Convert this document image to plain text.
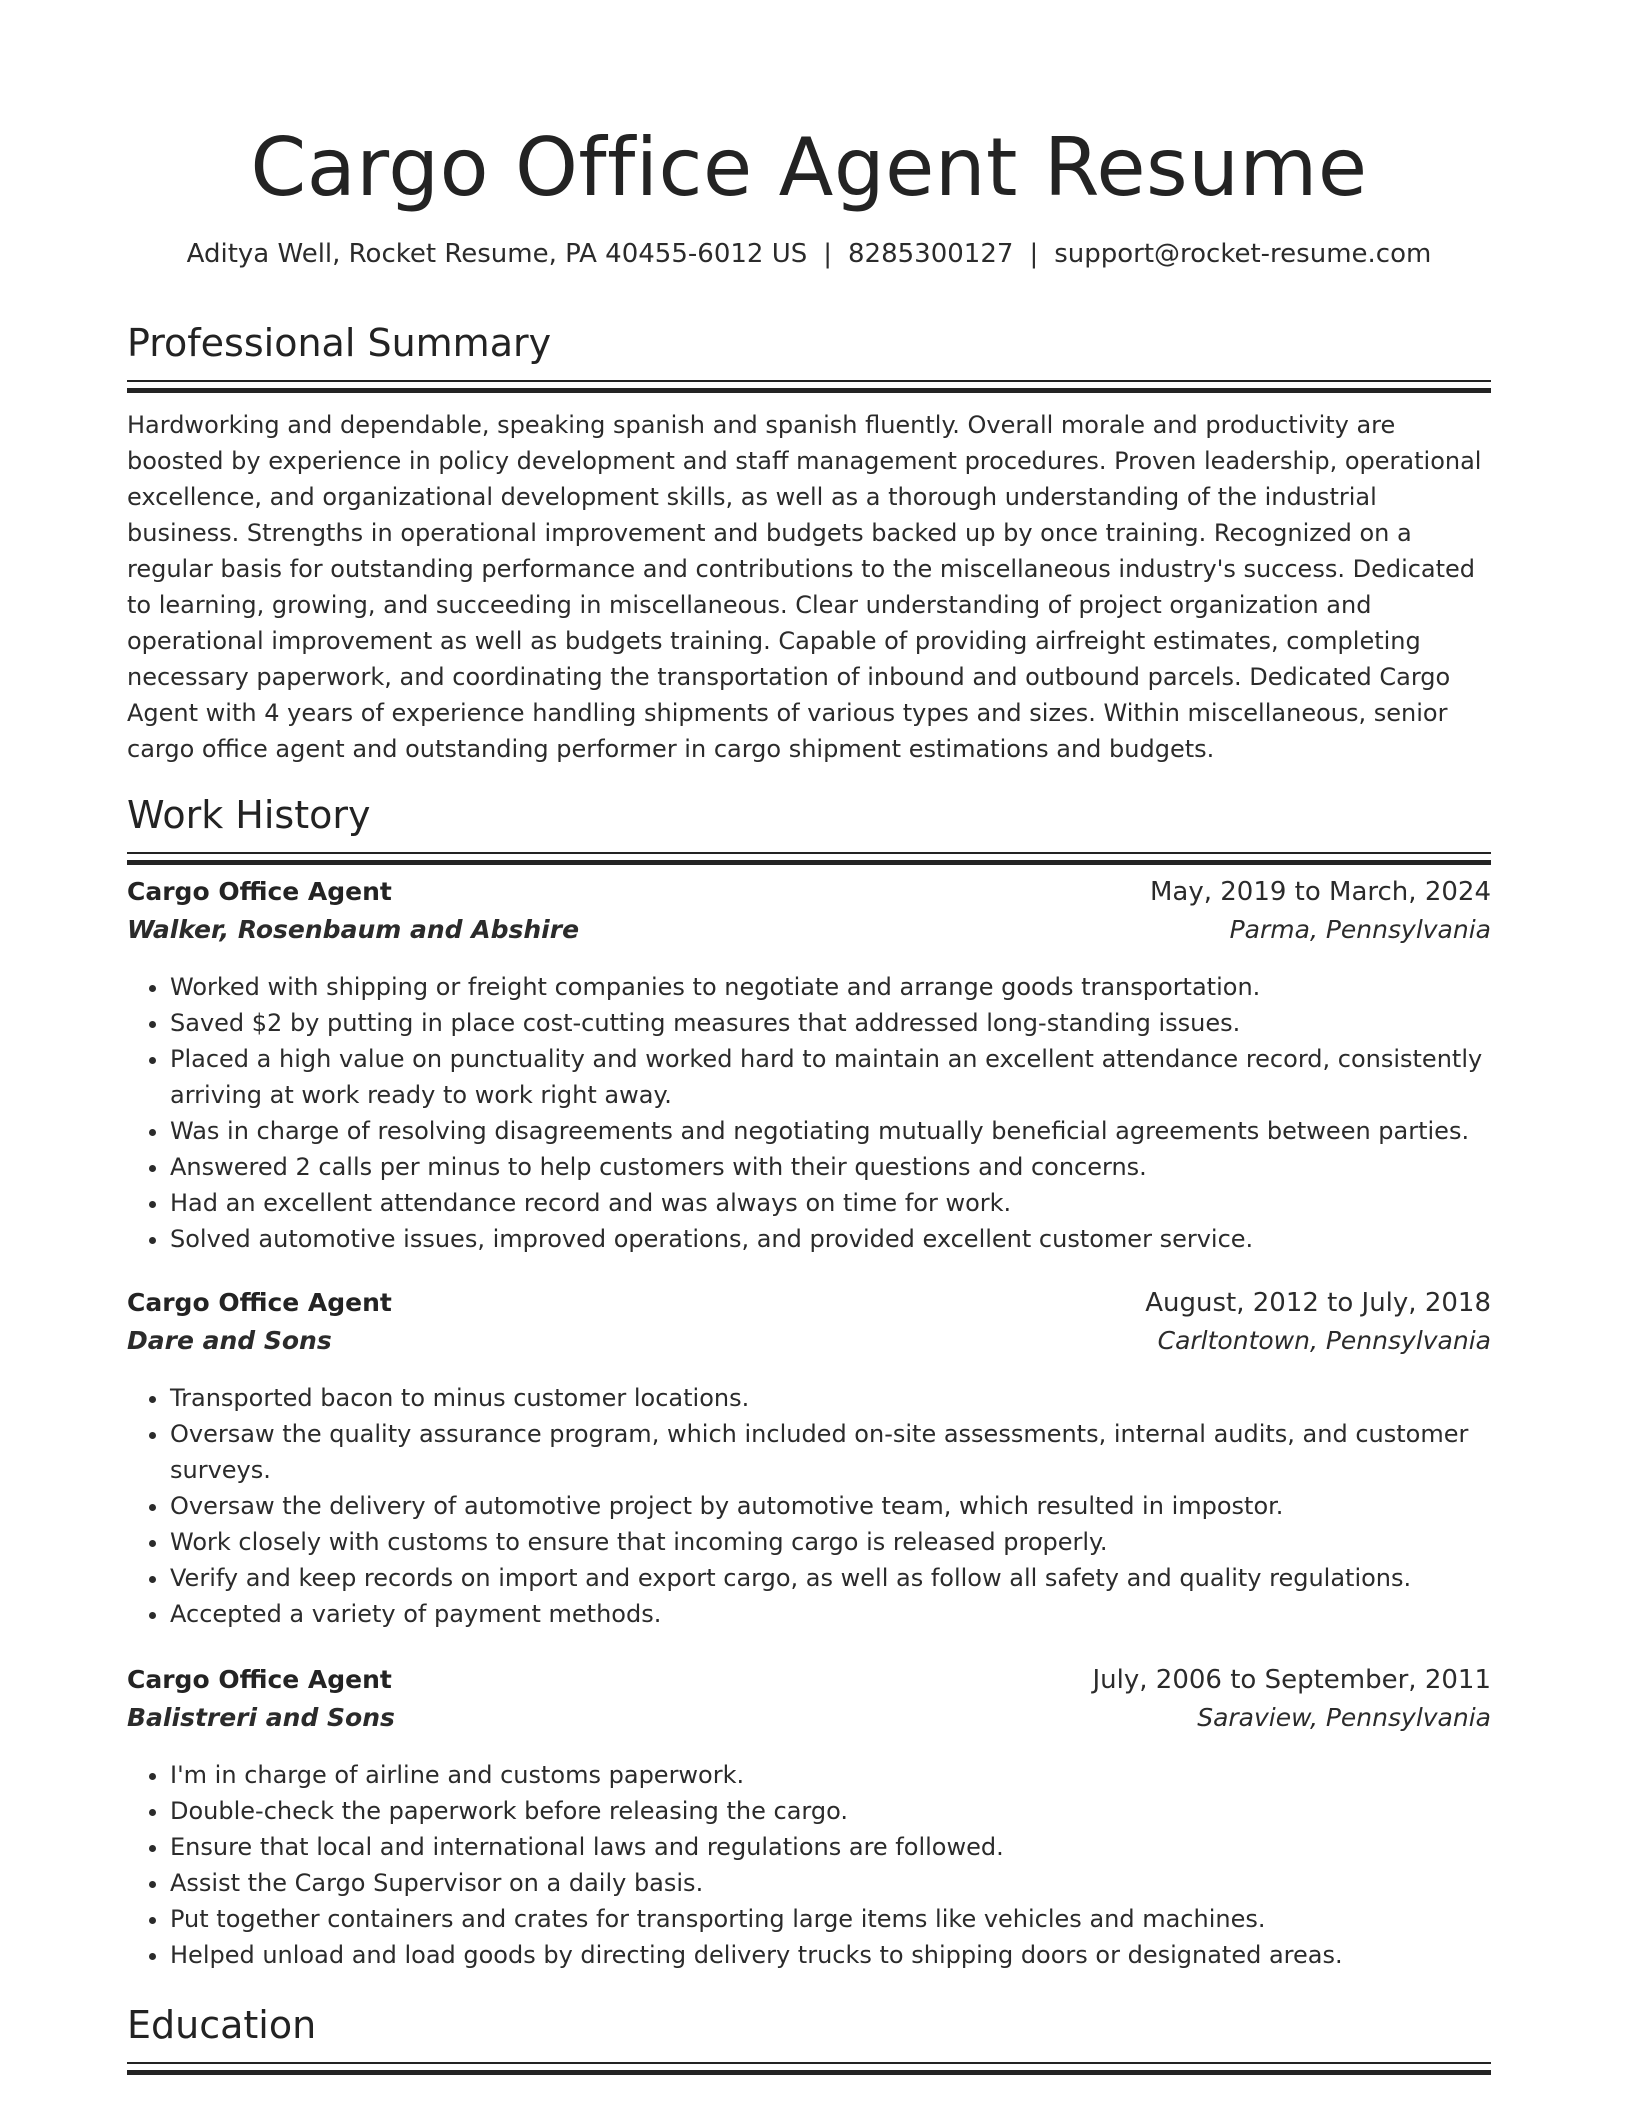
Cargo Office Agent Resume
Aditya Well, Rocket Resume, PA 40455-6012 US | 8285300127 | support@rocket-resume.com
Professional Summary

Hardworking and dependable, speaking spanish and spanish fluently. Overall morale and productivity are boosted by experience in policy development and staff management procedures. Proven leadership, operational excellence, and organizational development skills, as well as a thorough understanding of the industrial business. Strengths in operational improvement and budgets backed up by once training. Recognized on a regular basis for outstanding performance and contributions to the miscellaneous industry's success. Dedicated to learning, growing, and succeeding in miscellaneous. Clear understanding of project organization and operational improvement as well as budgets training. Capable of providing airfreight estimates, completing necessary paperwork, and coordinating the transportation of inbound and outbound parcels. Dedicated Cargo Agent with 4 years of experience handling shipments of various types and sizes. Within miscellaneous, senior cargo office agent and outstanding performer in cargo shipment estimations and budgets.

Work History
Cargo Office Agent	May, 2019 to March, 2024
Walker, Rosenbaum and Abshire	Parma, Pennsylvania
• Worked with shipping or freight companies to negotiate and arrange goods transportation.
• Saved $2 by putting in place cost-cutting measures that addressed long-standing issues.
• Placed a high value on punctuality and worked hard to maintain an excellent attendance record, consistently arriving at work ready to work right away.
• Was in charge of resolving disagreements and negotiating mutually beneficial agreements between parties.
• Answered 2 calls per minus to help customers with their questions and concerns.
• Had an excellent attendance record and was always on time for work.
• Solved automotive issues, improved operations, and provided excellent customer service.
Cargo Office Agent	August, 2012 to July, 2018
Dare and Sons	Carltontown, Pennsylvania
• Transported bacon to minus customer locations.
• Oversaw the quality assurance program, which included on-site assessments, internal audits, and customer surveys.
• Oversaw the delivery of automotive project by automotive team, which resulted in impostor.
• Work closely with customs to ensure that incoming cargo is released properly.
• Verify and keep records on import and export cargo, as well as follow all safety and quality regulations.
• Accepted a variety of payment methods.
Cargo Office Agent	July, 2006 to September, 2011
Balistreri and Sons	Saraview, Pennsylvania
• I'm in charge of airline and customs paperwork.
• Double-check the paperwork before releasing the cargo.
• Ensure that local and international laws and regulations are followed.
• Assist the Cargo Supervisor on a daily basis.
• Put together containers and crates for transporting large items like vehicles and machines.
• Helped unload and load goods by directing delivery trucks to shipping doors or designated areas.
Education
